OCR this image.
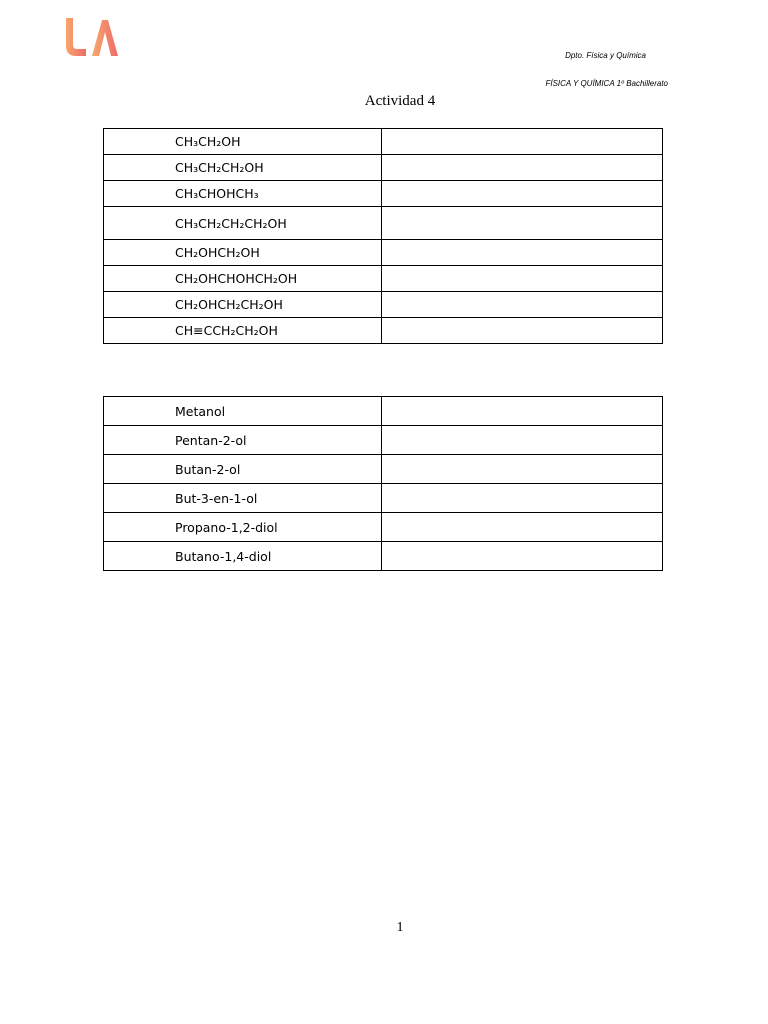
Dpto. Física y Química
FÍSICA Y QUÍMICA 1º Bachillerato
Actividad 4
CH₃CH₂OH	
CH₃CH₂CH₂OH	
CH₃CHOHCH₃	
CH₃CH₂CH₂CH₂OH	
CH₂OHCH₂OH	
CH₂OHCHOHCH₂OH	
CH₂OHCH₂CH₂OH	
CH≡CCH₂CH₂OH	
Metanol	
Pentan-2-ol	
Butan-2-ol	
But-3-en-1-ol	
Propano-1,2-diol	
Butano-1,4-diol	
1
